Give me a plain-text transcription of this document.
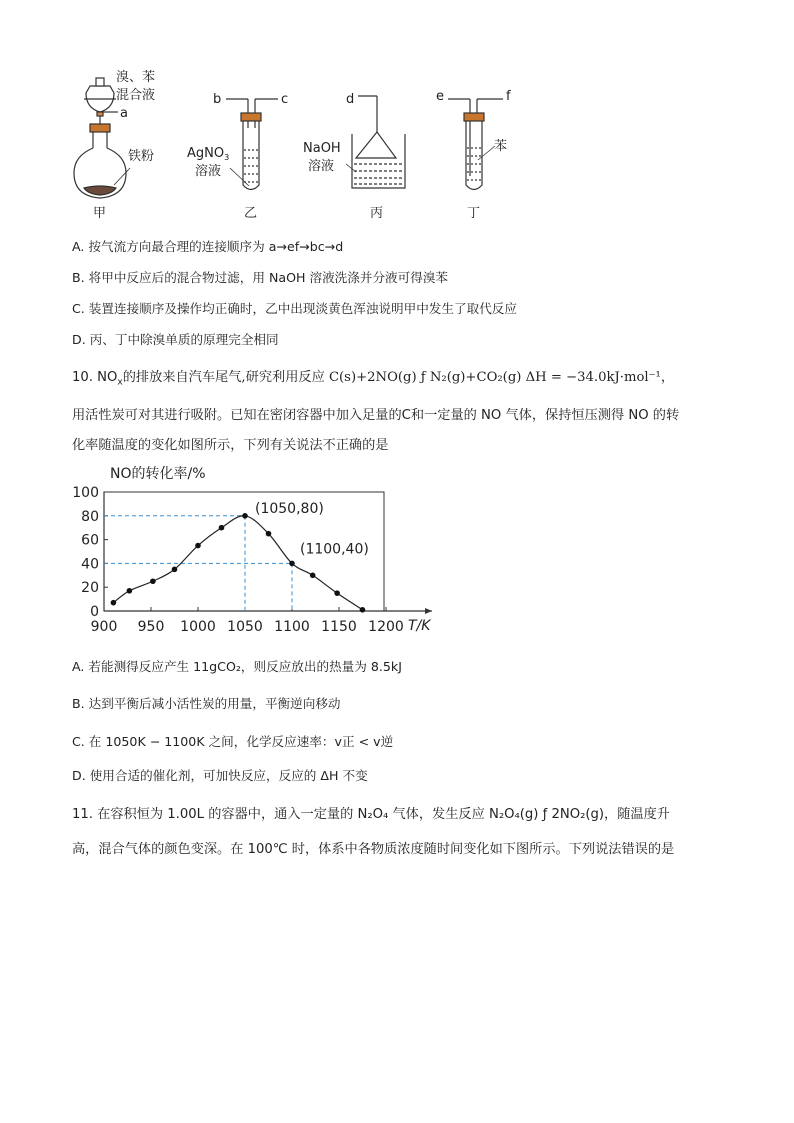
溴、苯
混合液
a
铁粉
b	c
AgNO$_3$
溶液
d
NaOH
溶液
e	f
苯
甲	乙	丙	丁
A. 按气流方向最合理的连接顺序为 a→ef→bc→d
B. 将甲中反应后的混合物过滤，用 NaOH 溶液洗涤并分液可得溴苯
C. 装置连接顺序及操作均正确时，乙中出现淡黄色浑浊说明甲中发生了取代反应
D. 丙、丁中除溴单质的原理完全相同
10. $NO_x$的排放来自汽车尾气,研究利用反应 C(s)+2NO(g) ƒ N₂(g)+CO₂(g) ΔH = −34.0kJ·mol⁻¹，
用活性炭可对其进行吸附。已知在密闭容器中加入足量的C和一定量的 NO 气体，保持恒压测得 NO 的转
化率随温度的变化如图所示，下列有关说法不正确的是
NO的转化率/%
T/K
0
20
40
60
80
100
900 950 1000 1050 1100 1150 1200
(1050,80)
(1100,40)
A. 若能测得反应产生 11gCO₂，则反应放出的热量为 8.5kJ
B. 达到平衡后减小活性炭的用量，平衡逆向移动
C. 在 1050K − 1100K 之间，化学反应速率：v正 < v逆
D. 使用合适的催化剂，可加快反应，反应的 ΔH 不变
11. 在容积恒为 1.00L 的容器中，通入一定量的 N₂O₄ 气体，发生反应 N₂O₄(g) ƒ 2NO₂(g)，随温度升
高，混合气体的颜色变深。在 100℃ 时，体系中各物质浓度随时间变化如下图所示。下列说法错误的是
